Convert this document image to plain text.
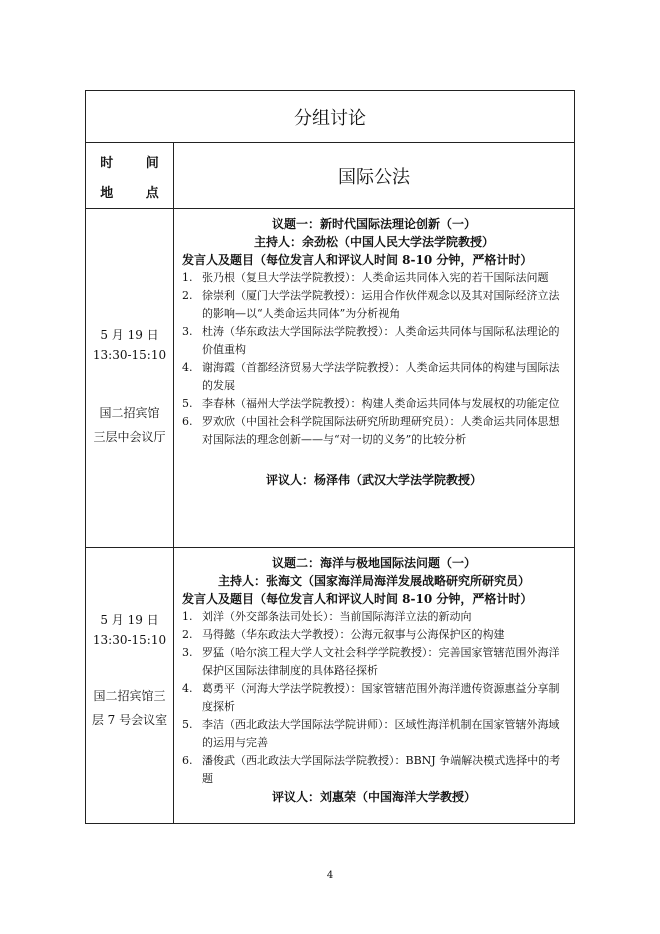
分组讨论
时 间
地 点
国际公法
5 月 19 日
13:30-15:10
国二招宾馆
三层中会议厅
议题一：新时代国际法理论创新（一）
主持人：余劲松（中国人民大学法学院教授）
发言人及题目（每位发言人和评议人时间 8-10 分钟，严格计时）
1. 张乃根（复旦大学法学院教授）：人类命运共同体入宪的若干国际法问题
2. 徐崇利（厦门大学法学院教授）：运用合作伙伴观念以及其对国际经济立法的影响—以“人类命运共同体”为分析视角
3. 杜涛（华东政法大学国际法学院教授）：人类命运共同体与国际私法理论的价值重构
4. 谢海霞（首都经济贸易大学法学院教授）：人类命运共同体的构建与国际法的发展
5. 李春林（福州大学法学院教授）：构建人类命运共同体与发展权的功能定位
6. 罗欢欣（中国社会科学院国际法研究所助理研究员）：人类命运共同体思想对国际法的理念创新——与“对一切的义务”的比较分析
评议人：杨泽伟（武汉大学法学院教授）
5 月 19 日
13:30-15:10
国二招宾馆三
层 7 号会议室
议题二：海洋与极地国际法问题（一）
主持人：张海文（国家海洋局海洋发展战略研究所研究员）
发言人及题目（每位发言人和评议人时间 8-10 分钟，严格计时）
1. 刘洋（外交部条法司处长）：当前国际海洋立法的新动向
2. 马得懿（华东政法大学教授）：公海元叙事与公海保护区的构建
3. 罗猛（哈尔滨工程大学人文社会科学学院教授）：完善国家管辖范围外海洋保护区国际法律制度的具体路径探析
4. 葛勇平（河海大学法学院教授）：国家管辖范围外海洋遗传资源惠益分享制度探析
5. 李洁（西北政法大学国际法学院讲师）：区域性海洋机制在国家管辖外海域的运用与完善
6. 潘俊武（西北政法大学国际法学院教授）：BBNJ 争端解决模式选择中的考题
评议人：刘惠荣（中国海洋大学教授）
4
